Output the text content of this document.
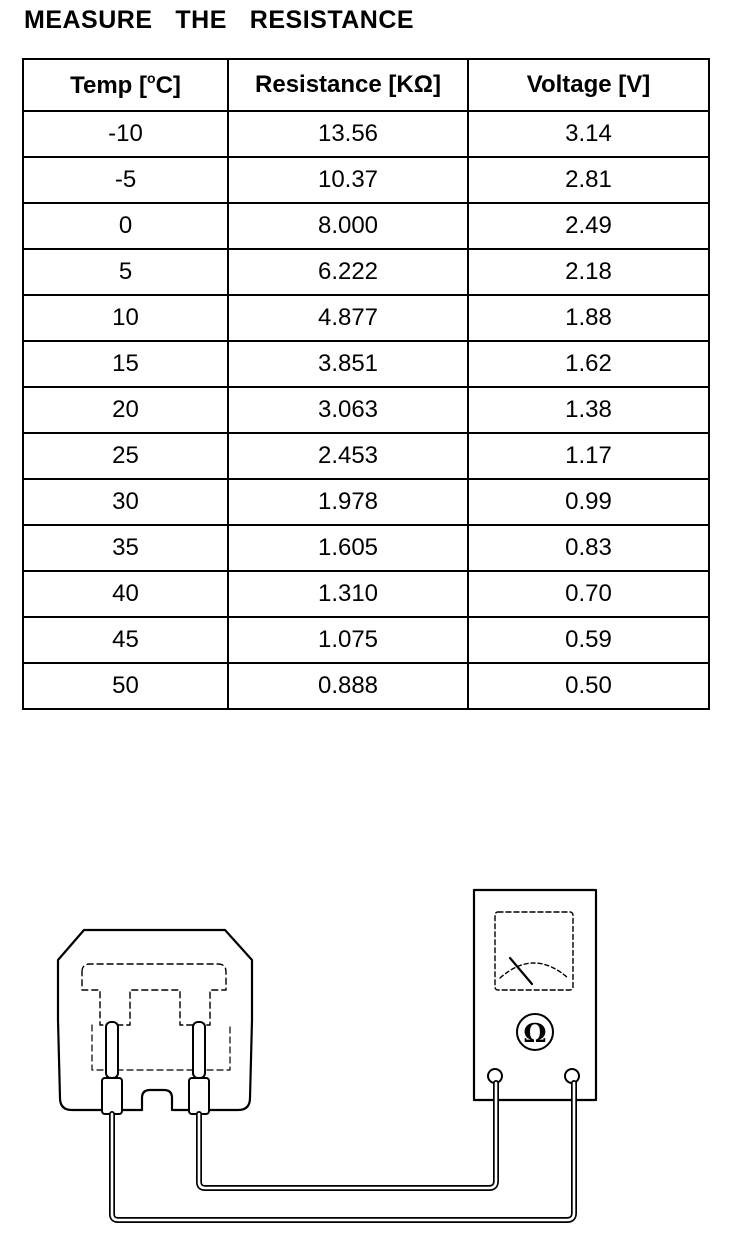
MEASURE  THE  RESISTANCE
Temp [$^o$C]	Resistance [KΩ]	Voltage [V]
-10	13.56	3.14
-5	10.37	2.81
0	8.000	2.49
5	6.222	2.18
10	4.877	1.88
15	3.851	1.62
20	3.063	1.38
25	2.453	1.17
30	1.978	0.99
35	1.605	0.83
40	1.310	0.70
45	1.075	0.59
50	0.888	0.50
Ω
